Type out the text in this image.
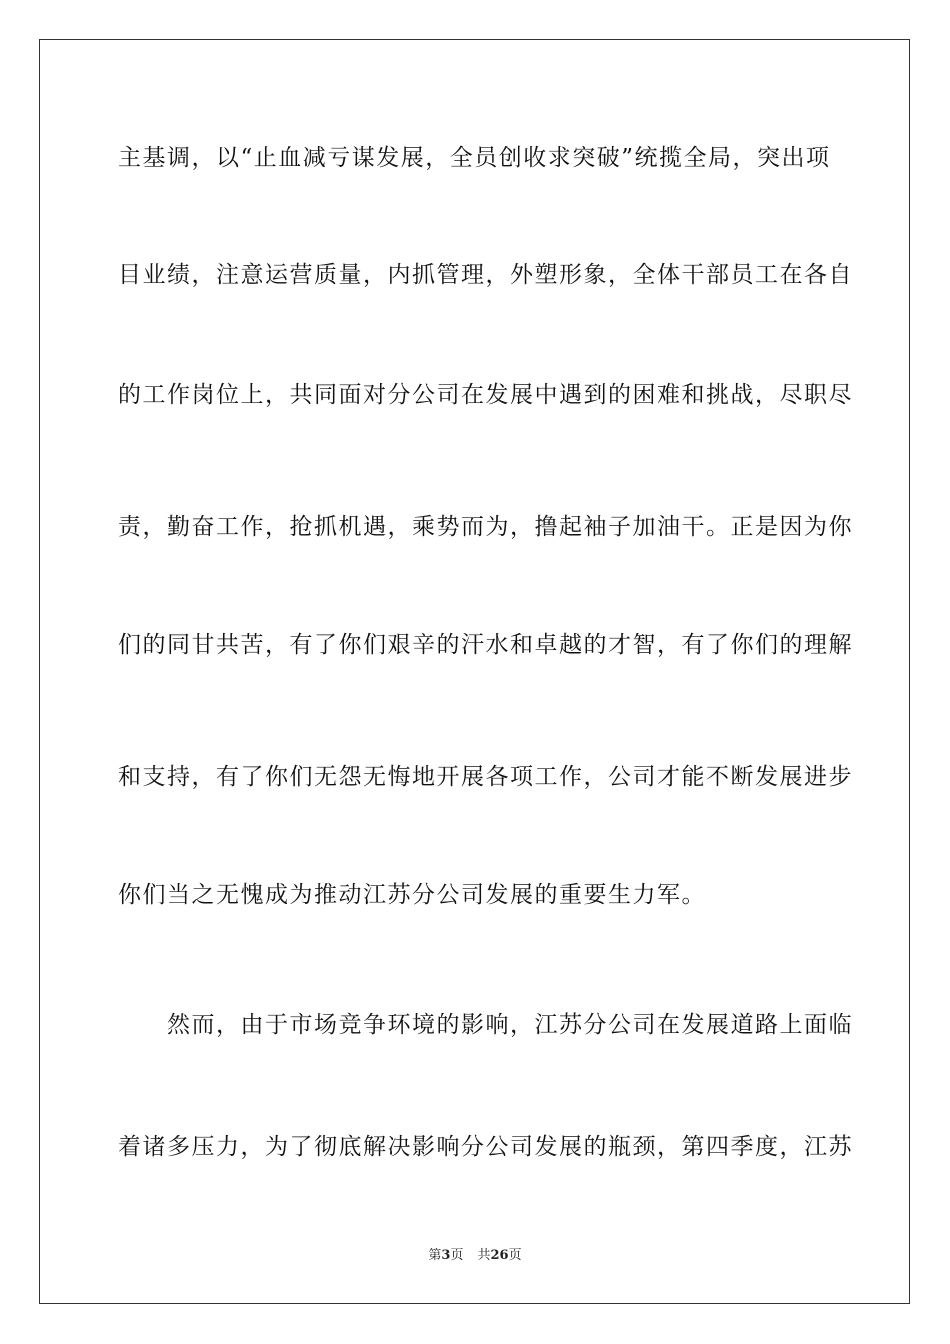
主基调，以“止血减亏谋发展，全员创收求突破”统揽全局，突出项
目业绩，注意运营质量，内抓管理，外塑形象，全体干部员工在各自
的工作岗位上，共同面对分公司在发展中遇到的困难和挑战，尽职尽
责，勤奋工作，抢抓机遇，乘势而为，撸起袖子加油干。正是因为你
们的同甘共苦，有了你们艰辛的汗水和卓越的才智，有了你们的理解
和支持，有了你们无怨无悔地开展各项工作，公司才能不断发展进步
你们当之无愧成为推动江苏分公司发展的重要生力军。
　　然而，由于市场竞争环境的影响，江苏分公司在发展道路上面临
着诸多压力，为了彻底解决影响分公司发展的瓶颈，第四季度，江苏
第3页 共26页
